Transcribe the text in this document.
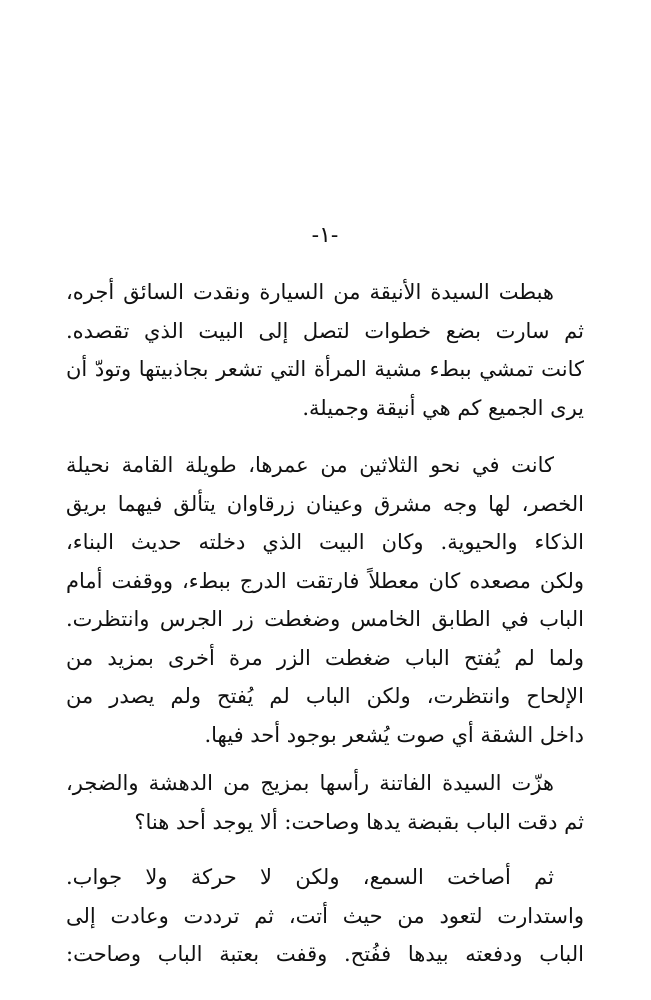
-١-
هبطت السيدة الأنيقة من السيارة ونقدت السائق أجره،
ثم سارت بضع خطوات لتصل إلى البيت الذي تقصده.
كانت تمشي ببطء مشية المرأة التي تشعر بجاذبيتها وتودّ أن
يرى الجميع كم هي أنيقة وجميلة.
كانت في نحو الثلاثين من عمرها، طويلة القامة نحيلة
الخصر، لها وجه مشرق وعينان زرقاوان يتألق فيهما بريق
الذكاء والحيوية. وكان البيت الذي دخلته حديث البناء،
ولكن مصعده كان معطلاً فارتقت الدرج ببطء، ووقفت أمام
الباب في الطابق الخامس وضغطت زر الجرس وانتظرت.
ولما لم يُفتح الباب ضغطت الزر مرة أخرى بمزيد من
الإلحاح وانتظرت، ولكن الباب لم يُفتح ولم يصدر من
داخل الشقة أي صوت يُشعر بوجود أحد فيها.
هزّت السيدة الفاتنة رأسها بمزيج من الدهشة والضجر،
ثم دقت الباب بقبضة يدها وصاحت: ألا يوجد أحد هنا؟
ثم أصاخت السمع، ولكن لا حركة ولا جواب.
واستدارت لتعود من حيث أتت، ثم ترددت وعادت إلى
الباب ودفعته بيدها ففُتح. وقفت بعتبة الباب وصاحت:
